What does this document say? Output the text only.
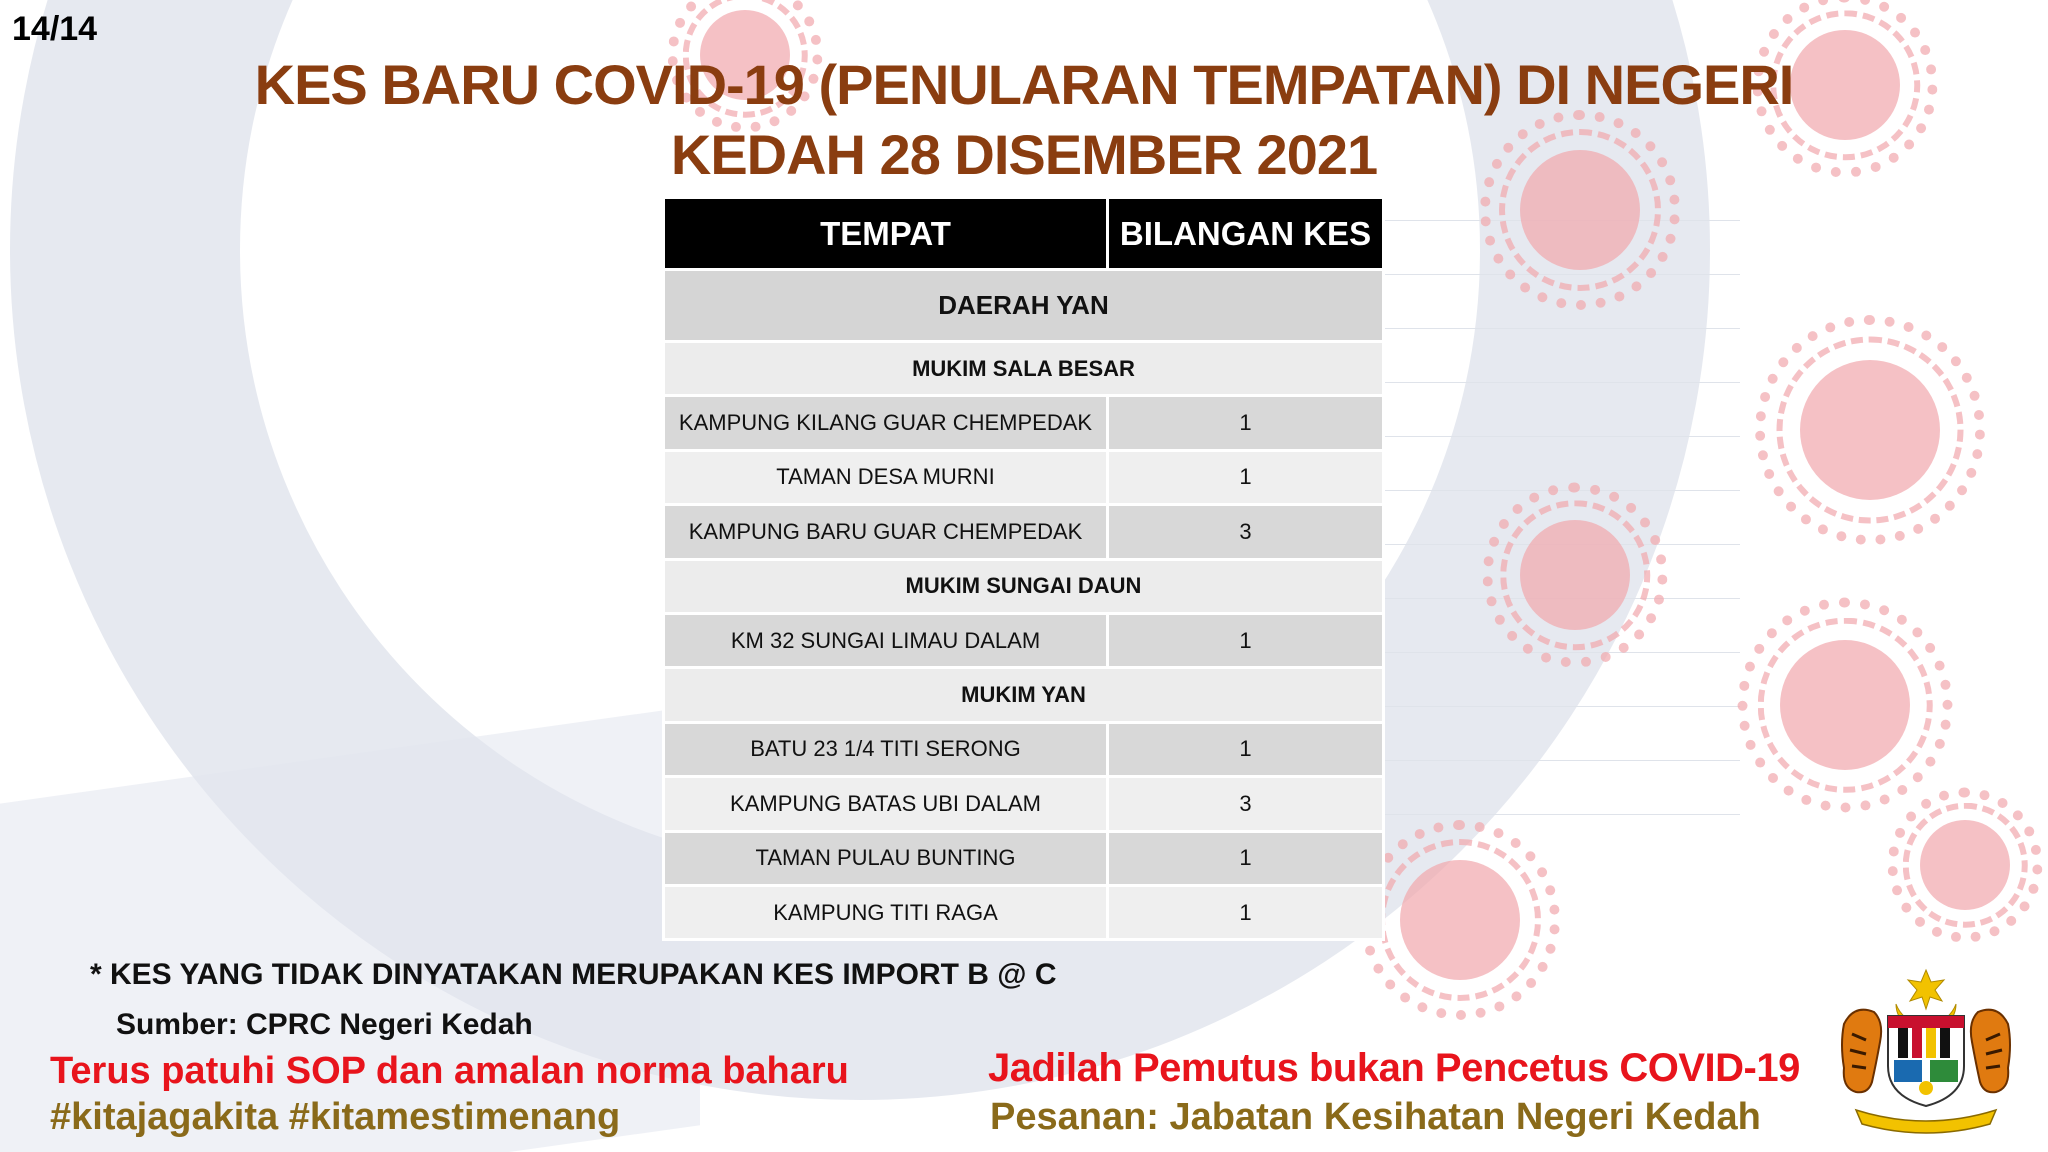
14/14
KES BARU COVID-19 (PENULARAN TEMPATAN) DI NEGERI
KEDAH 28 DISEMBER 2021
TEMPAT	BILANGAN KES
DAERAH YAN	
MUKIM SALA BESAR	
KAMPUNG KILANG GUAR CHEMPEDAK	1
TAMAN DESA MURNI	1
KAMPUNG BARU GUAR CHEMPEDAK	3
MUKIM SUNGAI DAUN	
KM 32 SUNGAI LIMAU DALAM	1
MUKIM YAN	
BATU 23 1/4 TITI SERONG	1
KAMPUNG BATAS UBI DALAM	3
TAMAN PULAU BUNTING	1
KAMPUNG TITI RAGA	1
* KES YANG TIDAK DINYATAKAN MERUPAKAN KES IMPORT B @ C
Sumber: CPRC Negeri Kedah
Terus patuhi SOP dan amalan norma baharu
#kitajagakita #kitamestimenang
Jadilah Pemutus bukan Pencetus COVID-19
Pesanan: Jabatan Kesihatan Negeri Kedah
